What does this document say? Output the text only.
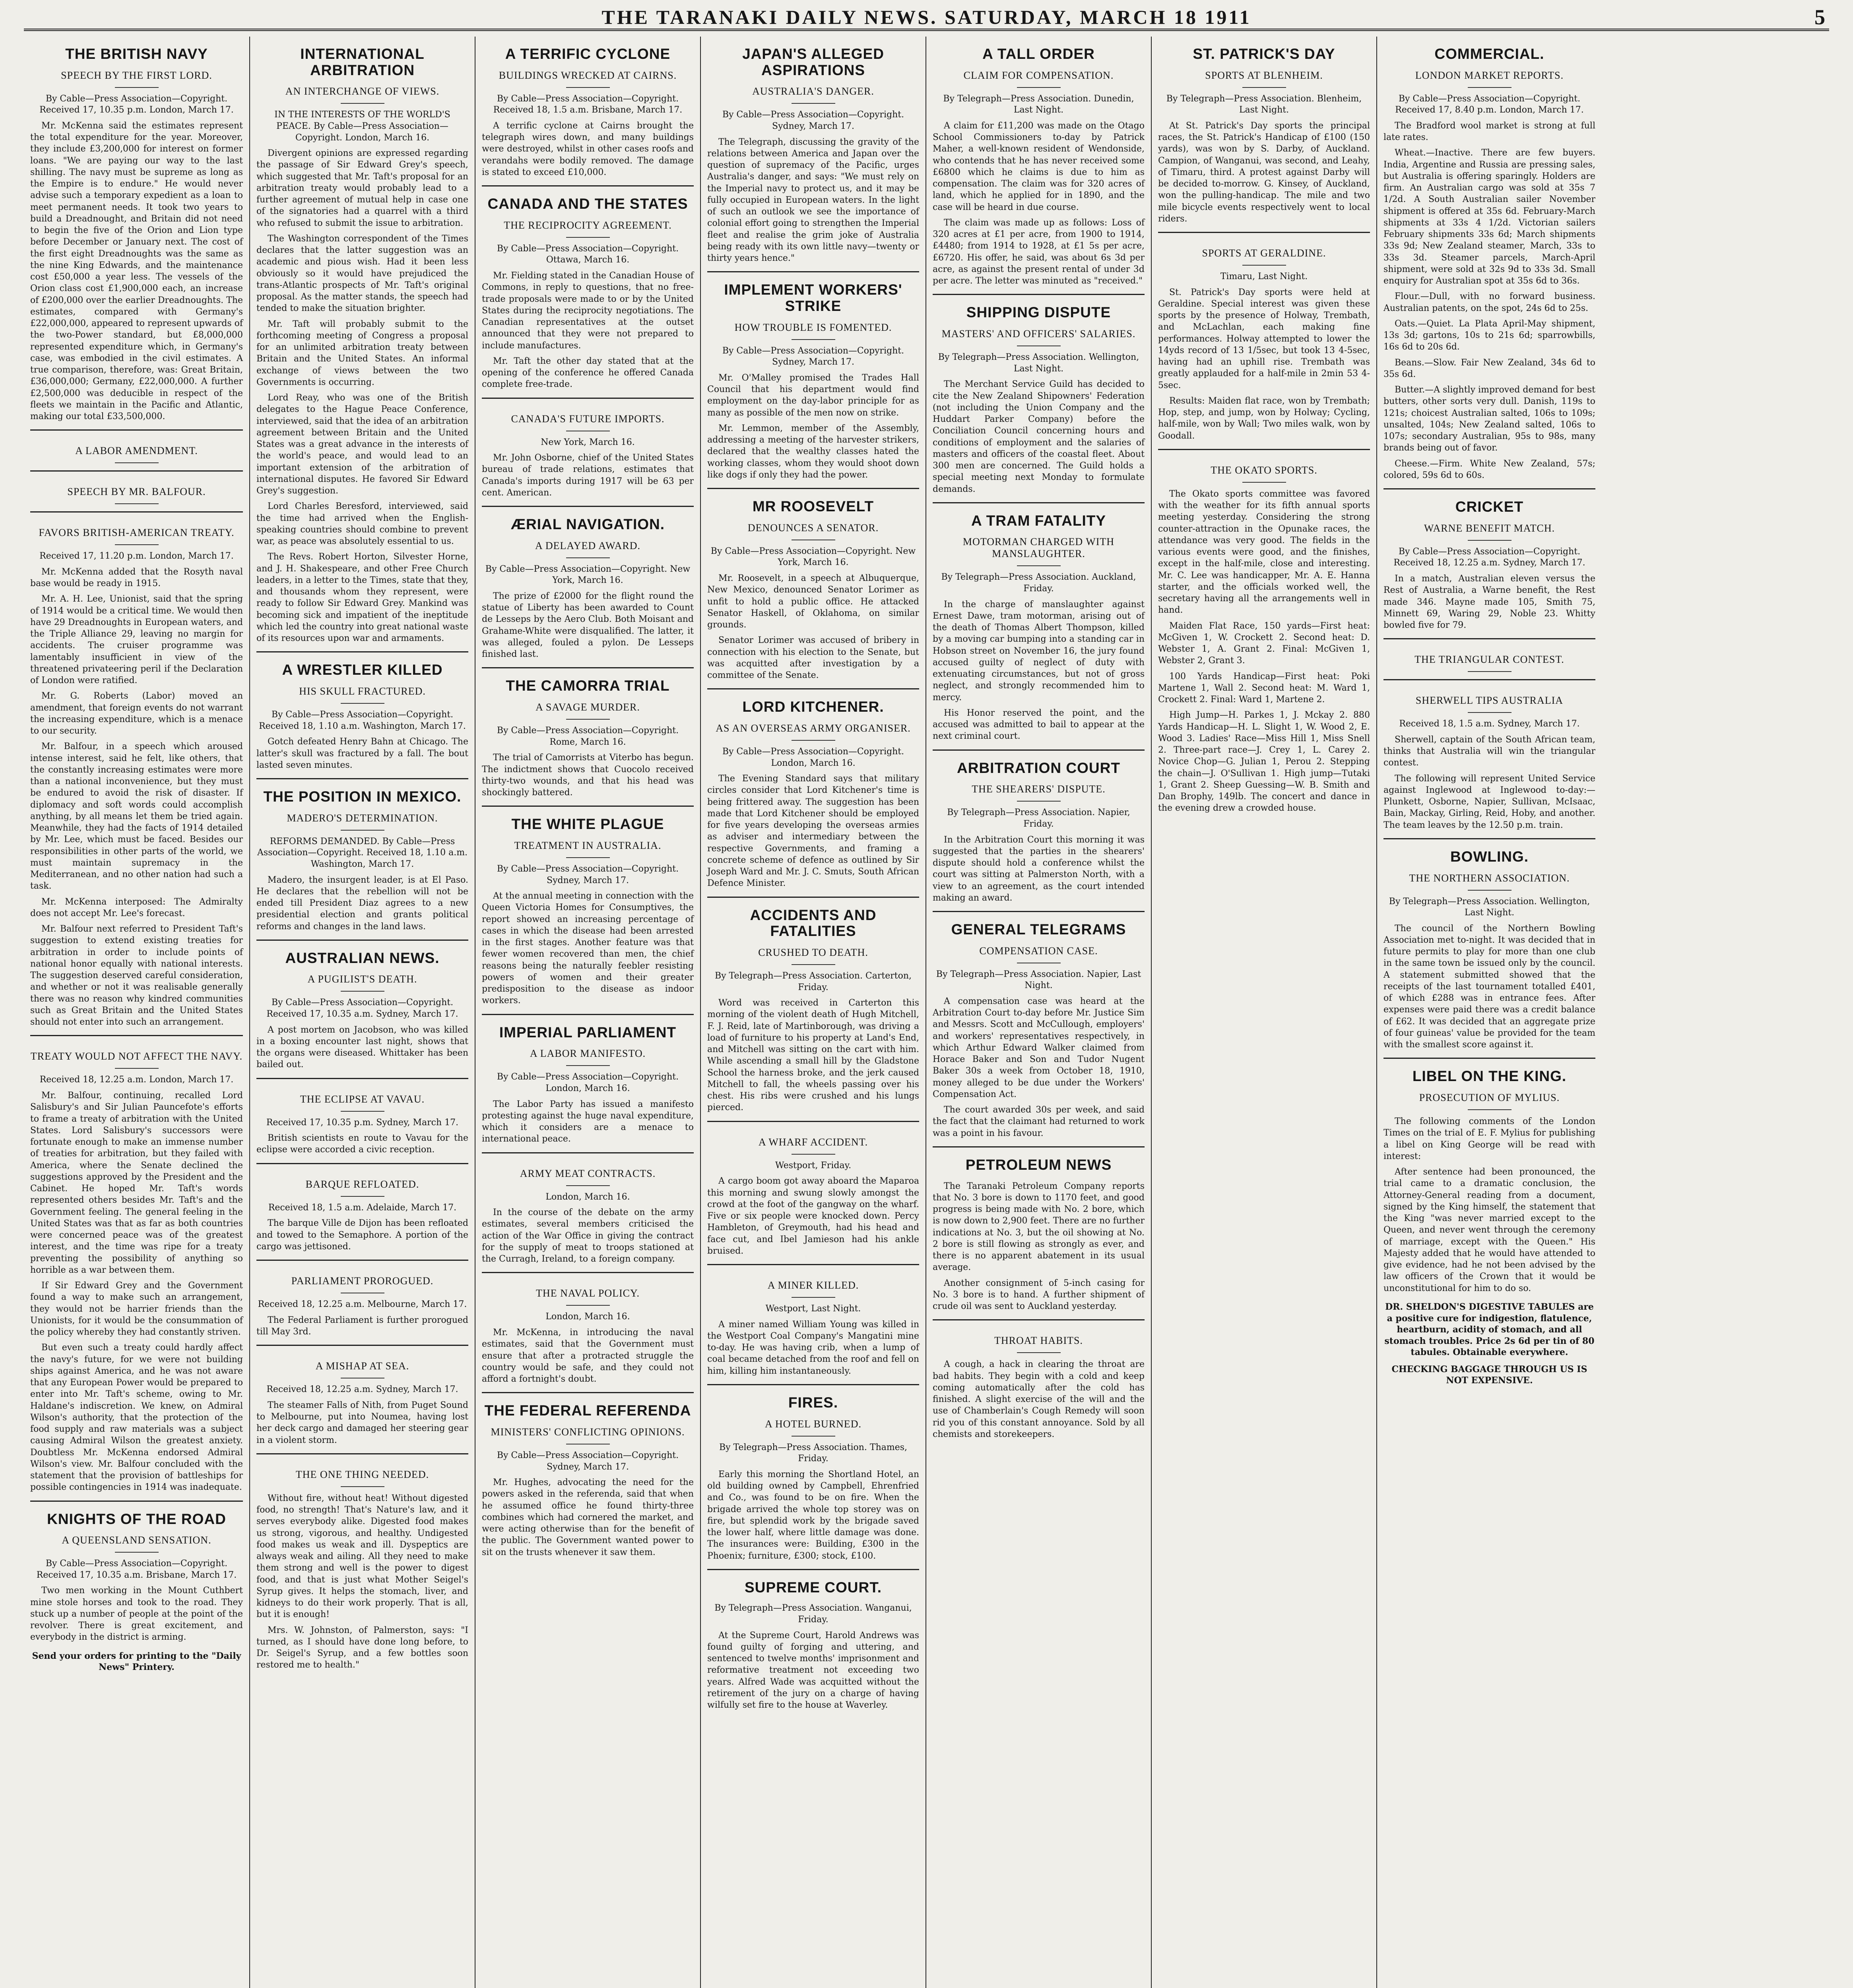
THE TARANAKI DAILY NEWS. SATURDAY, MARCH 18 1911	5
THE BRITISH NAVY
SPEECH BY THE FIRST LORD.
By Cable—Press Association—Copyright. Received 17, 10.35 p.m. London, March 17.

Mr. McKenna said the estimates represent the total expenditure for the year. Moreover, they include £3,200,000 for interest on former loans. "We are paying our way to the last shilling. The navy must be supreme as long as the Empire is to endure." He would never advise such a temporary expedient as a loan to meet permanent needs. It took two years to build a Dreadnought, and Britain did not need to begin the five of the Orion and Lion type before December or January next. The cost of the first eight Dreadnoughts was the same as the nine King Edwards, and the maintenance cost £50,000 a year less. The vessels of the Orion class cost £1,900,000 each, an increase of £200,000 over the earlier Dreadnoughts. The estimates, compared with Germany's £22,000,000, appeared to represent upwards of the two-Power standard, but £8,000,000 represented expenditure which, in Germany's case, was embodied in the civil estimates. A true comparison, therefore, was: Great Britain, £36,000,000; Germany, £22,000,000. A further £2,500,000 was deducible in respect of the fleets we maintain in the Pacific and Atlantic, making our total £33,500,000.

A LABOR AMENDMENT.
SPEECH BY MR. BALFOUR.
FAVORS BRITISH-AMERICAN TREATY.
Received 17, 11.20 p.m. London, March 17.

Mr. McKenna added that the Rosyth naval base would be ready in 1915.

Mr. A. H. Lee, Unionist, said that the spring of 1914 would be a critical time. We would then have 29 Dreadnoughts in European waters, and the Triple Alliance 29, leaving no margin for accidents. The cruiser programme was lamentably insufficient in view of the threatened privateering peril if the Declaration of London were ratified.

Mr. G. Roberts (Labor) moved an amendment, that foreign events do not warrant the increasing expenditure, which is a menace to our security.

Mr. Balfour, in a speech which aroused intense interest, said he felt, like others, that the constantly increasing estimates were more than a national inconvenience, but they must be endured to avoid the risk of disaster. If diplomacy and soft words could accomplish anything, by all means let them be tried again. Meanwhile, they had the facts of 1914 detailed by Mr. Lee, which must be faced. Besides our responsibilities in other parts of the world, we must maintain supremacy in the Mediterranean, and no other nation had such a task.

Mr. McKenna interposed: The Admiralty does not accept Mr. Lee's forecast.

Mr. Balfour next referred to President Taft's suggestion to extend existing treaties for arbitration in order to include points of national honor equally with national interests. The suggestion deserved careful consideration, and whether or not it was realisable generally there was no reason why kindred communities such as Great Britain and the United States should not enter into such an arrangement.

TREATY WOULD NOT AFFECT THE NAVY.
Received 18, 12.25 a.m. London, March 17.

Mr. Balfour, continuing, recalled Lord Salisbury's and Sir Julian Pauncefote's efforts to frame a treaty of arbitration with the United States. Lord Salisbury's successors were fortunate enough to make an immense number of treaties for arbitration, but they failed with America, where the Senate declined the suggestions approved by the President and the Cabinet. He hoped Mr. Taft's words represented others besides Mr. Taft's and the Government feeling. The general feeling in the United States was that as far as both countries were concerned peace was of the greatest interest, and the time was ripe for a treaty preventing the possibility of anything so horrible as a war between them.

If Sir Edward Grey and the Government found a way to make such an arrangement, they would not be harrier friends than the Unionists, for it would be the consummation of the policy whereby they had constantly striven.

But even such a treaty could hardly affect the navy's future, for we were not building ships against America, and he was not aware that any European Power would be prepared to enter into Mr. Taft's scheme, owing to Mr. Haldane's indiscretion. We knew, on Admiral Wilson's authority, that the protection of the food supply and raw materials was a subject causing Admiral Wilson the greatest anxiety. Doubtless Mr. McKenna endorsed Admiral Wilson's view. Mr. Balfour concluded with the statement that the provision of battleships for possible contingencies in 1914 was inadequate.

KNIGHTS OF THE ROAD
A QUEENSLAND SENSATION.
By Cable—Press Association—Copyright. Received 17, 10.35 a.m. Brisbane, March 17.

Two men working in the Mount Cuthbert mine stole horses and took to the road. They stuck up a number of people at the point of the revolver. There is great excitement, and everybody in the district is arming.

Send your orders for printing to the "Daily News" Printery.
INTERNATIONAL ARBITRATION
AN INTERCHANGE OF VIEWS.
IN THE INTERESTS OF THE WORLD'S PEACE. By Cable—Press Association—Copyright. London, March 16.

Divergent opinions are expressed regarding the passage of Sir Edward Grey's speech, which suggested that Mr. Taft's proposal for an arbitration treaty would probably lead to a further agreement of mutual help in case one of the signatories had a quarrel with a third who refused to submit the issue to arbitration.

The Washington correspondent of the Times declares that the latter suggestion was an academic and pious wish. Had it been less obviously so it would have prejudiced the trans-Atlantic prospects of Mr. Taft's original proposal. As the matter stands, the speech had tended to make the situation brighter.

Mr. Taft will probably submit to the forthcoming meeting of Congress a proposal for an unlimited arbitration treaty between Britain and the United States. An informal exchange of views between the two Governments is occurring.

Lord Reay, who was one of the British delegates to the Hague Peace Conference, interviewed, said that the idea of an arbitration agreement between Britain and the United States was a great advance in the interests of the world's peace, and would lead to an important extension of the arbitration of international disputes. He favored Sir Edward Grey's suggestion.

Lord Charles Beresford, interviewed, said the time had arrived when the English-speaking countries should combine to prevent war, as peace was absolutely essential to us.

The Revs. Robert Horton, Silvester Horne, and J. H. Shakespeare, and other Free Church leaders, in a letter to the Times, state that they, and thousands whom they represent, were ready to follow Sir Edward Grey. Mankind was becoming sick and impatient of the ineptitude which led the country into great national waste of its resources upon war and armaments.

A WRESTLER KILLED
HIS SKULL FRACTURED.
By Cable—Press Association—Copyright. Received 18, 1.10 a.m. Washington, March 17.

Gotch defeated Henry Bahn at Chicago. The latter's skull was fractured by a fall. The bout lasted seven minutes.

THE POSITION IN MEXICO.
MADERO'S DETERMINATION.
REFORMS DEMANDED. By Cable—Press Association—Copyright. Received 18, 1.10 a.m. Washington, March 17.

Madero, the insurgent leader, is at El Paso. He declares that the rebellion will not be ended till President Diaz agrees to a new presidential election and grants political reforms and changes in the land laws.

AUSTRALIAN NEWS.
A PUGILIST'S DEATH.
By Cable—Press Association—Copyright. Received 17, 10.35 a.m. Sydney, March 17.

A post mortem on Jacobson, who was killed in a boxing encounter last night, shows that the organs were diseased. Whittaker has been bailed out.

THE ECLIPSE AT VAVAU.
Received 17, 10.35 p.m. Sydney, March 17.

British scientists en route to Vavau for the eclipse were accorded a civic reception.

BARQUE REFLOATED.
Received 18, 1.5 a.m. Adelaide, March 17.

The barque Ville de Dijon has been refloated and towed to the Semaphore. A portion of the cargo was jettisoned.

PARLIAMENT PROROGUED.
Received 18, 12.25 a.m. Melbourne, March 17.

The Federal Parliament is further prorogued till May 3rd.

A MISHAP AT SEA.
Received 18, 12.25 a.m. Sydney, March 17.

The steamer Falls of Nith, from Puget Sound to Melbourne, put into Noumea, having lost her deck cargo and damaged her steering gear in a violent storm.

THE ONE THING NEEDED.

Without fire, without heat! Without digested food, no strength! That's Nature's law, and it serves everybody alike. Digested food makes us strong, vigorous, and healthy. Undigested food makes us weak and ill. Dyspeptics are always weak and ailing. All they need to make them strong and well is the power to digest food, and that is just what Mother Seigel's Syrup gives. It helps the stomach, liver, and kidneys to do their work properly. That is all, but it is enough!

Mrs. W. Johnston, of Palmerston, says: "I turned, as I should have done long before, to Dr. Seigel's Syrup, and a few bottles soon restored me to health."

A TERRIFIC CYCLONE
BUILDINGS WRECKED AT CAIRNS.
By Cable—Press Association—Copyright. Received 18, 1.5 a.m. Brisbane, March 17.

A terrific cyclone at Cairns brought the telegraph wires down, and many buildings were destroyed, whilst in other cases roofs and verandahs were bodily removed. The damage is stated to exceed £10,000.

CANADA AND THE STATES
THE RECIPROCITY AGREEMENT.
By Cable—Press Association—Copyright. Ottawa, March 16.

Mr. Fielding stated in the Canadian House of Commons, in reply to questions, that no free-trade proposals were made to or by the United States during the reciprocity negotiations. The Canadian representatives at the outset announced that they were not prepared to include manufactures.

Mr. Taft the other day stated that at the opening of the conference he offered Canada complete free-trade.

CANADA'S FUTURE IMPORTS.
New York, March 16.

Mr. John Osborne, chief of the United States bureau of trade relations, estimates that Canada's imports during 1917 will be 63 per cent. American.

ÆRIAL NAVIGATION.
A DELAYED AWARD.
By Cable—Press Association—Copyright. New York, March 16.

The prize of £2000 for the flight round the statue of Liberty has been awarded to Count de Lesseps by the Aero Club. Both Moisant and Grahame-White were disqualified. The latter, it was alleged, fouled a pylon. De Lesseps finished last.

THE CAMORRA TRIAL
A SAVAGE MURDER.
By Cable—Press Association—Copyright. Rome, March 16.

The trial of Camorrists at Viterbo has begun. The indictment shows that Cuocolo received thirty-two wounds, and that his head was shockingly battered.

THE WHITE PLAGUE
TREATMENT IN AUSTRALIA.
By Cable—Press Association—Copyright. Sydney, March 17.

At the annual meeting in connection with the Queen Victoria Homes for Consumptives, the report showed an increasing percentage of cases in which the disease had been arrested in the first stages. Another feature was that fewer women recovered than men, the chief reasons being the naturally feebler resisting powers of women and their greater predisposition to the disease as indoor workers.

IMPERIAL PARLIAMENT
A LABOR MANIFESTO.
By Cable—Press Association—Copyright. London, March 16.

The Labor Party has issued a manifesto protesting against the huge naval expenditure, which it considers are a menace to international peace.

ARMY MEAT CONTRACTS.
London, March 16.

In the course of the debate on the army estimates, several members criticised the action of the War Office in giving the contract for the supply of meat to troops stationed at the Curragh, Ireland, to a foreign company.

THE NAVAL POLICY.
London, March 16.

Mr. McKenna, in introducing the naval estimates, said that the Government must ensure that after a protracted struggle the country would be safe, and they could not afford a fortnight's doubt.

THE FEDERAL REFERENDA
MINISTERS' CONFLICTING OPINIONS.
By Cable—Press Association—Copyright. Sydney, March 17.

Mr. Hughes, advocating the need for the powers asked in the referenda, said that when he assumed office he found thirty-three combines which had cornered the market, and were acting otherwise than for the benefit of the public. The Government wanted power to sit on the trusts whenever it saw them.

JAPAN'S ALLEGED ASPIRATIONS
AUSTRALIA'S DANGER.
By Cable—Press Association—Copyright. Sydney, March 17.

The Telegraph, discussing the gravity of the relations between America and Japan over the question of supremacy of the Pacific, urges Australia's danger, and says: "We must rely on the Imperial navy to protect us, and it may be fully occupied in European waters. In the light of such an outlook we see the importance of colonial effort going to strengthen the Imperial fleet and realise the grim joke of Australia being ready with its own little navy—twenty or thirty years hence."

IMPLEMENT WORKERS' STRIKE
HOW TROUBLE IS FOMENTED.
By Cable—Press Association—Copyright. Sydney, March 17.

Mr. O'Malley promised the Trades Hall Council that his department would find employment on the day-labor principle for as many as possible of the men now on strike.

Mr. Lemmon, member of the Assembly, addressing a meeting of the harvester strikers, declared that the wealthy classes hated the working classes, whom they would shoot down like dogs if only they had the power.

MR ROOSEVELT
DENOUNCES A SENATOR.
By Cable—Press Association—Copyright. New York, March 16.

Mr. Roosevelt, in a speech at Albuquerque, New Mexico, denounced Senator Lorimer as unfit to hold a public office. He attacked Senator Haskell, of Oklahoma, on similar grounds.

Senator Lorimer was accused of bribery in connection with his election to the Senate, but was acquitted after investigation by a committee of the Senate.

LORD KITCHENER.
AS AN OVERSEAS ARMY ORGANISER.
By Cable—Press Association—Copyright. London, March 16.

The Evening Standard says that military circles consider that Lord Kitchener's time is being frittered away. The suggestion has been made that Lord Kitchener should be employed for five years developing the overseas armies as adviser and intermediary between the respective Governments, and framing a concrete scheme of defence as outlined by Sir Joseph Ward and Mr. J. C. Smuts, South African Defence Minister.

ACCIDENTS AND FATALITIES
CRUSHED TO DEATH.
By Telegraph—Press Association. Carterton, Friday.

Word was received in Carterton this morning of the violent death of Hugh Mitchell, F. J. Reid, late of Martinborough, was driving a load of furniture to his property at Land's End, and Mitchell was sitting on the cart with him. While ascending a small hill by the Gladstone School the harness broke, and the jerk caused Mitchell to fall, the wheels passing over his chest. His ribs were crushed and his lungs pierced.

A WHARF ACCIDENT.
Westport, Friday.

A cargo boom got away aboard the Maparoa this morning and swung slowly amongst the crowd at the foot of the gangway on the wharf. Five or six people were knocked down. Percy Hambleton, of Greymouth, had his head and face cut, and Ibel Jamieson had his ankle bruised.

A MINER KILLED.
Westport, Last Night.

A miner named William Young was killed in the Westport Coal Company's Mangatini mine to-day. He was having crib, when a lump of coal became detached from the roof and fell on him, killing him instantaneously.

FIRES.
A HOTEL BURNED.
By Telegraph—Press Association. Thames, Friday.

Early this morning the Shortland Hotel, an old building owned by Campbell, Ehrenfried and Co., was found to be on fire. When the brigade arrived the whole top storey was on fire, but splendid work by the brigade saved the lower half, where little damage was done. The insurances were: Building, £300 in the Phoenix; furniture, £300; stock, £100.

SUPREME COURT.
By Telegraph—Press Association. Wanganui, Friday.

At the Supreme Court, Harold Andrews was found guilty of forging and uttering, and sentenced to twelve months' imprisonment and reformative treatment not exceeding two years. Alfred Wade was acquitted without the retirement of the jury on a charge of having wilfully set fire to the house at Waverley.

A TALL ORDER
CLAIM FOR COMPENSATION.
By Telegraph—Press Association. Dunedin, Last Night.

A claim for £11,200 was made on the Otago School Commissioners to-day by Patrick Maher, a well-known resident of Wendonside, who contends that he has never received some £6800 which he claims is due to him as compensation. The claim was for 320 acres of land, which he applied for in 1890, and the case will be heard in due course.

The claim was made up as follows: Loss of 320 acres at £1 per acre, from 1900 to 1914, £4480; from 1914 to 1928, at £1 5s per acre, £6720. His offer, he said, was about 6s 3d per acre, as against the present rental of under 3d per acre. The letter was minuted as "received."

SHIPPING DISPUTE
MASTERS' AND OFFICERS' SALARIES.
By Telegraph—Press Association. Wellington, Last Night.

The Merchant Service Guild has decided to cite the New Zealand Shipowners' Federation (not including the Union Company and the Huddart Parker Company) before the Conciliation Council concerning hours and conditions of employment and the salaries of masters and officers of the coastal fleet. About 300 men are concerned. The Guild holds a special meeting next Monday to formulate demands.

A TRAM FATALITY
MOTORMAN CHARGED WITH MANSLAUGHTER.
By Telegraph—Press Association. Auckland, Friday.

In the charge of manslaughter against Ernest Dawe, tram motorman, arising out of the death of Thomas Albert Thompson, killed by a moving car bumping into a standing car in Hobson street on November 16, the jury found accused guilty of neglect of duty with extenuating circumstances, but not of gross neglect, and strongly recommended him to mercy.

His Honor reserved the point, and the accused was admitted to bail to appear at the next criminal court.

ARBITRATION COURT
THE SHEARERS' DISPUTE.
By Telegraph—Press Association. Napier, Friday.

In the Arbitration Court this morning it was suggested that the parties in the shearers' dispute should hold a conference whilst the court was sitting at Palmerston North, with a view to an agreement, as the court intended making an award.

GENERAL TELEGRAMS
COMPENSATION CASE.
By Telegraph—Press Association. Napier, Last Night.

A compensation case was heard at the Arbitration Court to-day before Mr. Justice Sim and Messrs. Scott and McCullough, employers' and workers' representatives respectively, in which Arthur Edward Walker claimed from Horace Baker and Son and Tudor Nugent Baker 30s a week from October 18, 1910, money alleged to be due under the Workers' Compensation Act.

The court awarded 30s per week, and said the fact that the claimant had returned to work was a point in his favour.

PETROLEUM NEWS

The Taranaki Petroleum Company reports that No. 3 bore is down to 1170 feet, and good progress is being made with No. 2 bore, which is now down to 2,900 feet. There are no further indications at No. 3, but the oil showing at No. 2 bore is still flowing as strongly as ever, and there is no apparent abatement in its usual average.

Another consignment of 5-inch casing for No. 3 bore is to hand. A further shipment of crude oil was sent to Auckland yesterday.

THROAT HABITS.

A cough, a hack in clearing the throat are bad habits. They begin with a cold and keep coming automatically after the cold has finished. A slight exercise of the will and the use of Chamberlain's Cough Remedy will soon rid you of this constant annoyance. Sold by all chemists and storekeepers.

ST. PATRICK'S DAY
SPORTS AT BLENHEIM.
By Telegraph—Press Association. Blenheim, Last Night.

At St. Patrick's Day sports the principal races, the St. Patrick's Handicap of £100 (150 yards), was won by S. Darby, of Auckland. Campion, of Wanganui, was second, and Leahy, of Timaru, third. A protest against Darby will be decided to-morrow. G. Kinsey, of Auckland, won the pulling-handicap. The mile and two mile bicycle events respectively went to local riders.

SPORTS AT GERALDINE.
Timaru, Last Night.

St. Patrick's Day sports were held at Geraldine. Special interest was given these sports by the presence of Holway, Trembath, and McLachlan, each making fine performances. Holway attempted to lower the 14yds record of 13 1/5sec, but took 13 4-5sec, having had an uphill rise. Trembath was greatly applauded for a half-mile in 2min 53 4-5sec.

Results: Maiden flat race, won by Trembath; Hop, step, and jump, won by Holway; Cycling, half-mile, won by Wall; Two miles walk, won by Goodall.

THE OKATO SPORTS.

The Okato sports committee was favored with the weather for its fifth annual sports meeting yesterday. Considering the strong counter-attraction in the Opunake races, the attendance was very good. The fields in the various events were good, and the finishes, except in the half-mile, close and interesting. Mr. C. Lee was handicapper, Mr. A. E. Hanna starter, and the officials worked well, the secretary having all the arrangements well in hand.

Maiden Flat Race, 150 yards—First heat: McGiven 1, W. Crockett 2. Second heat: D. Webster 1, A. Grant 2. Final: McGiven 1, Webster 2, Grant 3.

100 Yards Handicap—First heat: Poki Martene 1, Wall 2. Second heat: M. Ward 1, Crockett 2. Final: Ward 1, Martene 2.

High Jump—H. Parkes 1, J. Mckay 2. 880 Yards Handicap—H. L. Slight 1, W. Wood 2, E. Wood 3. Ladies' Race—Miss Hill 1, Miss Snell 2. Three-part race—J. Crey 1, L. Carey 2. Novice Chop—G. Julian 1, Perou 2. Stepping the chain—J. O'Sullivan 1. High jump—Tutaki 1, Grant 2. Sheep Guessing—W. B. Smith and Dan Brophy, 149lb. The concert and dance in the evening drew a crowded house.

COMMERCIAL.
LONDON MARKET REPORTS.
By Cable—Press Association—Copyright. Received 17, 8.40 p.m. London, March 17.

The Bradford wool market is strong at full late rates.

Wheat.—Inactive. There are few buyers. India, Argentine and Russia are pressing sales, but Australia is offering sparingly. Holders are firm. An Australian cargo was sold at 35s 7 1/2d. A South Australian sailer November shipment is offered at 35s 6d. February-March shipments at 33s 4 1/2d. Victorian sailers February shipments 33s 6d; March shipments 33s 9d; New Zealand steamer, March, 33s to 33s 3d. Steamer parcels, March-April shipment, were sold at 32s 9d to 33s 3d. Small enquiry for Australian spot at 35s 6d to 36s.

Flour.—Dull, with no forward business. Australian patents, on the spot, 24s 6d to 25s.

Oats.—Quiet. La Plata April-May shipment, 13s 3d; gartons, 10s to 21s 6d; sparrowbills, 16s 6d to 20s 6d.

Beans.—Slow. Fair New Zealand, 34s 6d to 35s 6d.

Butter.—A slightly improved demand for best butters, other sorts very dull. Danish, 119s to 121s; choicest Australian salted, 106s to 109s; unsalted, 104s; New Zealand salted, 106s to 107s; secondary Australian, 95s to 98s, many brands being out of favor.

Cheese.—Firm. White New Zealand, 57s; colored, 59s 6d to 60s.

CRICKET
WARNE BENEFIT MATCH.
By Cable—Press Association—Copyright. Received 18, 12.25 a.m. Sydney, March 17.

In a match, Australian eleven versus the Rest of Australia, a Warne benefit, the Rest made 346. Mayne made 105, Smith 75, Minnett 69, Waring 29, Noble 23. Whitty bowled five for 79.

THE TRIANGULAR CONTEST.
SHERWELL TIPS AUSTRALIA
Received 18, 1.5 a.m. Sydney, March 17.

Sherwell, captain of the South African team, thinks that Australia will win the triangular contest.

The following will represent United Service against Inglewood at Inglewood to-day:—Plunkett, Osborne, Napier, Sullivan, McIsaac, Bain, Mackay, Girling, Reid, Hoby, and another. The team leaves by the 12.50 p.m. train.

BOWLING.
THE NORTHERN ASSOCIATION.
By Telegraph—Press Association. Wellington, Last Night.

The council of the Northern Bowling Association met to-night. It was decided that in future permits to play for more than one club in the same town be issued only by the council. A statement submitted showed that the receipts of the last tournament totalled £401, of which £288 was in entrance fees. After expenses were paid there was a credit balance of £62. It was decided that an aggregate prize of four guineas' value be provided for the team with the smallest score against it.

LIBEL ON THE KING.
PROSECUTION OF MYLIUS.

The following comments of the London Times on the trial of E. F. Mylius for publishing a libel on King George will be read with interest:

After sentence had been pronounced, the trial came to a dramatic conclusion, the Attorney-General reading from a document, signed by the King himself, the statement that the King "was never married except to the Queen, and never went through the ceremony of marriage, except with the Queen." His Majesty added that he would have attended to give evidence, had he not been advised by the law officers of the Crown that it would be unconstitutional for him to do so.

DR. SHELDON'S DIGESTIVE TABULES are a positive cure for indigestion, flatulence, heartburn, acidity of stomach, and all stomach troubles. Price 2s 6d per tin of 80 tabules. Obtainable everywhere.
CHECKING BAGGAGE THROUGH US IS NOT EXPENSIVE.
